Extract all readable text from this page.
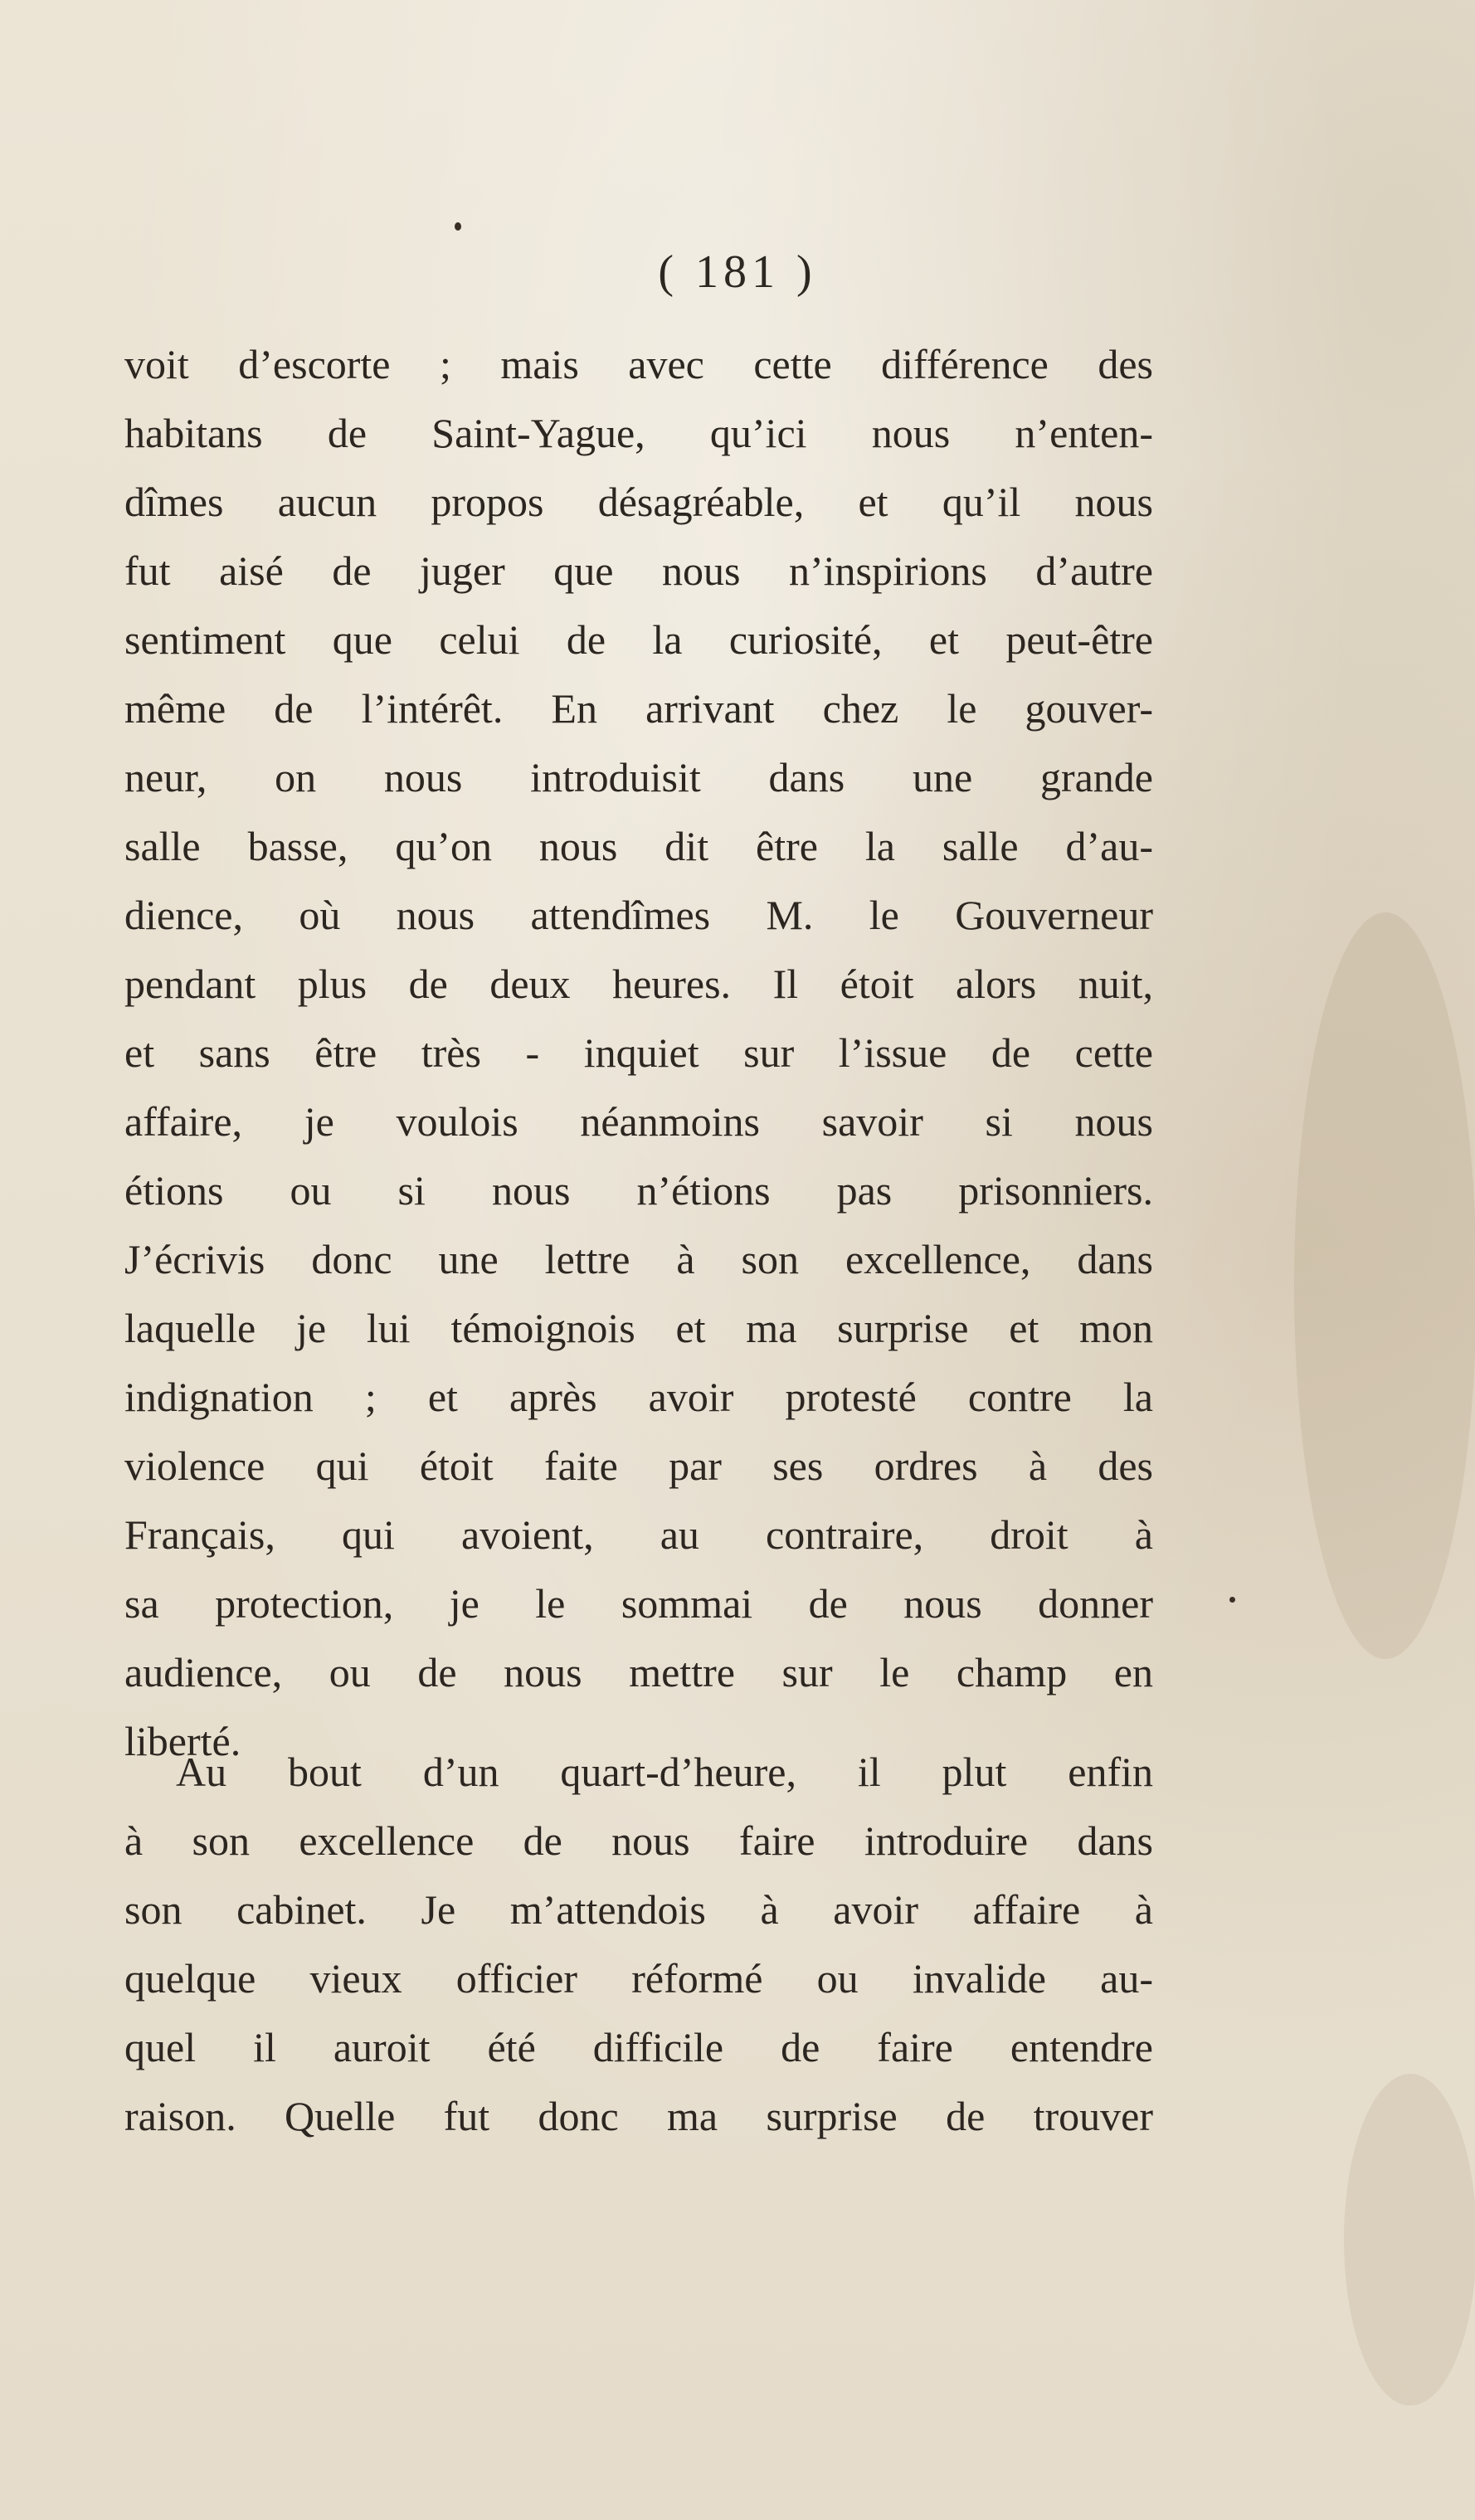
( 181 )
voit d’escorte ; mais avec cette différence des
habitans de Saint-Yague, qu’ici nous n’enten-
dîmes aucun propos désagréable, et qu’il nous
fut aisé de juger que nous n’inspirions d’autre
sentiment que celui de la curiosité, et peut-être
même de l’intérêt. En arrivant chez le gouver-
neur, on nous introduisit dans une grande
salle basse, qu’on nous dit être la salle d’au-
dience, où nous attendîmes M. le Gouverneur
pendant plus de deux heures. Il étoit alors nuit,
et sans être très - inquiet sur l’issue de cette
affaire, je voulois néanmoins savoir si nous
étions ou si nous n’étions pas prisonniers.
J’écrivis donc une lettre à son excellence, dans
laquelle je lui témoignois et ma surprise et mon
indignation ; et après avoir protesté contre la
violence qui étoit faite par ses ordres à des
Français, qui avoient, au contraire, droit à
sa protection, je le sommai de nous donner
audience, ou de nous mettre sur le champ en
liberté.
Au bout d’un quart-d’heure, il plut enfin
à son excellence de nous faire introduire dans
son cabinet. Je m’attendois à avoir affaire à
quelque vieux officier réformé ou invalide au-
quel il auroit été difficile de faire entendre
raison. Quelle fut donc ma surprise de trouver
